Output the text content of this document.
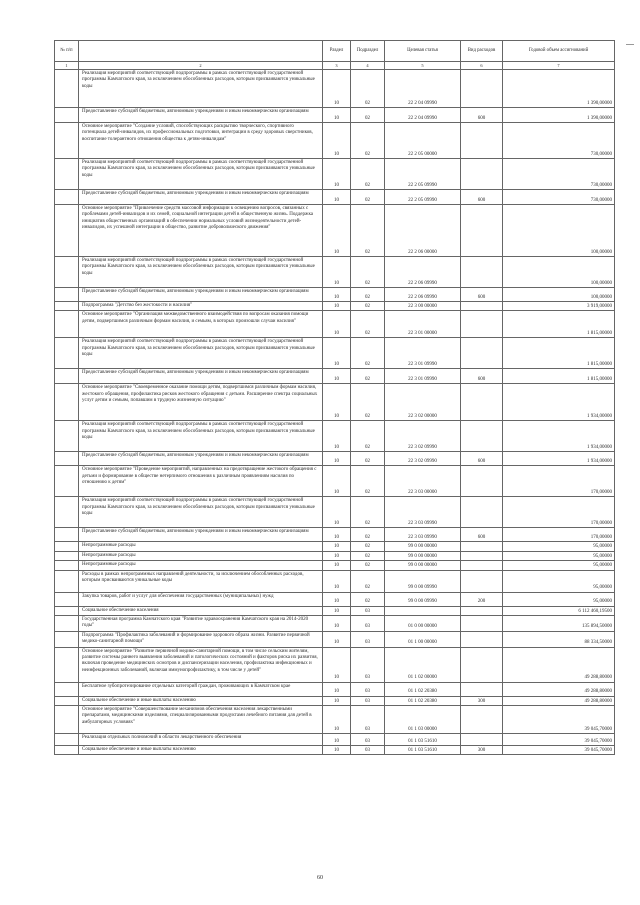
№ п/п		Раздел	Подраздел	Целевая статья	Вид расходов	Годовой объем ассигнований
1	2	3	4	5	6	7
	Реализация мероприятий соответствующей подпрограммы в рамках соответствующей государственной программы Камчатского края, за исключением обособленных расходов, которым присваиваются уникальные коды	10	02	22 2 04 09990		1 390,00000
	Предоставление субсидий бюджетным, автономным учреждениям и иным некоммерческим организациям	10	02	22 2 04 09990	600	1 390,00000
	Основное мероприятие "Создание условий, способствующих раскрытию творческого, спортивного потенциала детей-инвалидов, их профессиональных подготовки, интеграции в среду здоровых сверстников, воспитание толерантного отношения общества к детям-инвалидам"	10	02	22 2 05 00000		730,00000
	Реализация мероприятий соответствующей подпрограммы в рамках соответствующей государственной программы Камчатского края, за исключением обособленных расходов, которым присваиваются уникальные коды	10	02	22 2 05 09990		730,00000
	Предоставление субсидий бюджетным, автономным учреждениям и иным некоммерческим организациям	10	02	22 2 05 09990	600	730,00000
	Основное мероприятие "Привлечение средств массовой информации к освещению вопросов, связанных с проблемами детей-инвалидов и их семей, социальной интеграции детей в общественную жизнь. Поддержка инициатив общественных организаций в обеспечении нормальных условий жизнедеятельности детей-инвалидов, их успешной интеграции в общество, развитие добровольческого движения"	10	02	22 2 06 00000		100,00000
	Реализация мероприятий соответствующей подпрограммы в рамках соответствующей государственной программы Камчатского края, за исключением обособленных расходов, которым присваиваются уникальные коды	10	02	22 2 06 09990		100,00000
	Предоставление субсидий бюджетным, автономным учреждениям и иным некоммерческим организациям	10	02	22 2 06 09990	600	100,00000
	Подпрограмма "Детство без жестокости и насилия"	10	02	22 3 00 00000		3 919,00000
	Основное мероприятие "Организация межведомственного взаимодействия по вопросам оказания помощи детям, подвергшимся различным формам насилия, и семьям, в которых произошли случаи насилия"	10	02	22 3 01 00000		1 815,00000
	Реализация мероприятий соответствующей подпрограммы в рамках соответствующей государственной программы Камчатского края, за исключением обособленных расходов, которым присваиваются уникальные коды	10	02	22 3 01 09990		1 815,00000
	Предоставление субсидий бюджетным, автономным учреждениям и иным некоммерческим организациям	10	02	22 3 01 09990	600	1 815,00000
	Основное мероприятие "Своевременное оказание помощи детям, подвергшимся различным формам насилия, жестокого обращения, профилактика рисков жестокого обращения с детьми. Расширение спектра социальных услуг детям и семьям, попавшим в трудную жизненную ситуацию"	10	02	22 3 02 00000		1 934,00000
	Реализация мероприятий соответствующей подпрограммы в рамках соответствующей государственной программы Камчатского края, за исключением обособленных расходов, которым присваиваются уникальные коды	10	02	22 3 02 09990		1 934,00000
	Предоставление субсидий бюджетным, автономным учреждениям и иным некоммерческим организациям	10	02	22 3 02 09990	600	1 934,00000
	Основное мероприятие "Проведение мероприятий, направленных на предотвращение жестокого обращения с детьми и формирование в обществе нетерпимого отношения к различным проявлениям насилия по отношению к детям"	10	02	22 3 03 00000		170,00000
	Реализация мероприятий соответствующей подпрограммы в рамках соответствующей государственной программы Камчатского края, за исключением обособленных расходов, которым присваиваются уникальные коды	10	02	22 3 03 09990		170,00000
	Предоставление субсидий бюджетным, автономным учреждениям и иным некоммерческим организациям	10	02	22 3 03 09990	600	170,00000
	Непрограммные расходы	10	02	99 0 00 00000		95,00000
	Непрограммные расходы	10	02	99 0 00 00000		95,00000
	Непрограммные расходы	10	02	99 0 00 00000		95,00000
	Расходы в рамках непрограммных направлений деятельности, за исключением обособленных расходов, которым присваиваются уникальные коды	10	02	99 0 00 09990		95,00000
	Закупка товаров, работ и услуг для обеспечения государственных (муниципальных) нужд	10	02	99 0 00 09990	200	95,00000
	Социальное обеспечение населения	10	03			6 112 460,19500
	Государственная программа Камчатского края "Развитие здравоохранения Камчатского края на 2014-2020 годы"	10	03	01 0 00 00000		135 894,50000
	Подпрограмма "Профилактика заболеваний и формирование здорового образа жизни. Развитие первичной медико-санитарной помощи"	10	03	01 1 00 00000		88 334,50000
	Основное мероприятие "Развитие первичной медико-санитарной помощи, в том числе сельским жителям, развитие системы раннего выявления заболеваний и патологических состояний и факторов риска их развития, включая проведение медицинских осмотров и диспансеризации населения, профилактика инфекционных и неинфекционных заболеваний, включая иммунопрофилактику, в том числе у детей"	10	03	01 1 02 00000		49 288,80000
	Бесплатное зубопротезирование отдельных категорий граждан, проживающих в Камчатском крае	10	03	01 1 02 20380		49 288,80000
	Социальное обеспечение и иные выплаты населению	10	03	01 1 02 20380	300	49 288,80000
	Основное мероприятие "Совершенствование механизмов обеспечения населения лекарственными препаратами, медицинскими изделиями, специализированными продуктами лечебного питания для детей в амбулаторных условиях"	10	03	01 1 03 00000		39 045,70000
	Реализация отдельных полномочий в области лекарственного обеспечения	10	03	01 1 03 51610		39 045,70000
	Социальное обеспечение и иные выплаты населению	10	03	01 1 03 51610	300	39 045,70000
60
